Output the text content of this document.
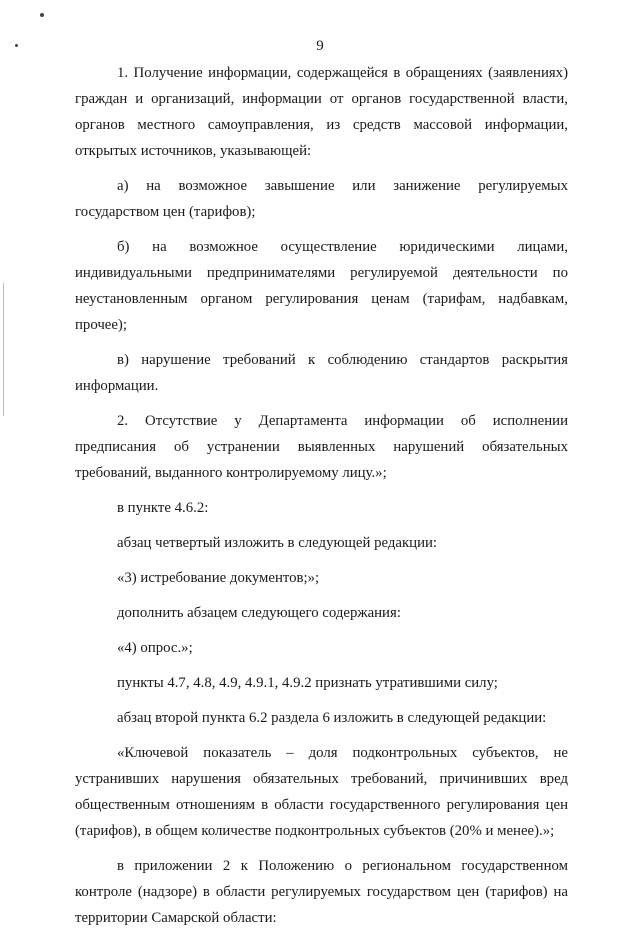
9

1. Получение информации, содержащейся в обращениях (заявлениях) граждан и организаций, информации от органов государственной власти, органов местного самоуправления, из средств массовой информации, открытых источников, указывающей:

а) на возможное завышение или занижение регулируемых государством цен (тарифов);

б) на возможное осуществление юридическими лицами, индивидуальными предпринимателями регулируемой деятельности по неустановленным органом регулирования ценам (тарифам, надбавкам, прочее);

в) нарушение требований к соблюдению стандартов раскрытия информации.

2. Отсутствие у Департамента информации об исполнении предписания об устранении выявленных нарушений обязательных требований, выданного контролируемому лицу.»;

в пункте 4.6.2:

абзац четвертый изложить в следующей редакции:

«3) истребование документов;»;

дополнить абзацем следующего содержания:

«4) опрос.»;

пункты 4.7, 4.8, 4.9, 4.9.1, 4.9.2 признать утратившими силу;

абзац второй пункта 6.2 раздела 6 изложить в следующей редакции:

«Ключевой показатель – доля подконтрольных субъектов, не устранивших нарушения обязательных требований, причинивших вред общественным отношениям в области государственного регулирования цен (тарифов), в общем количестве подконтрольных субъектов (20% и менее).»;

в приложении 2 к Положению о региональном государственном контроле (надзоре) в области регулируемых государством цен (тарифов) на территории Самарской области:
